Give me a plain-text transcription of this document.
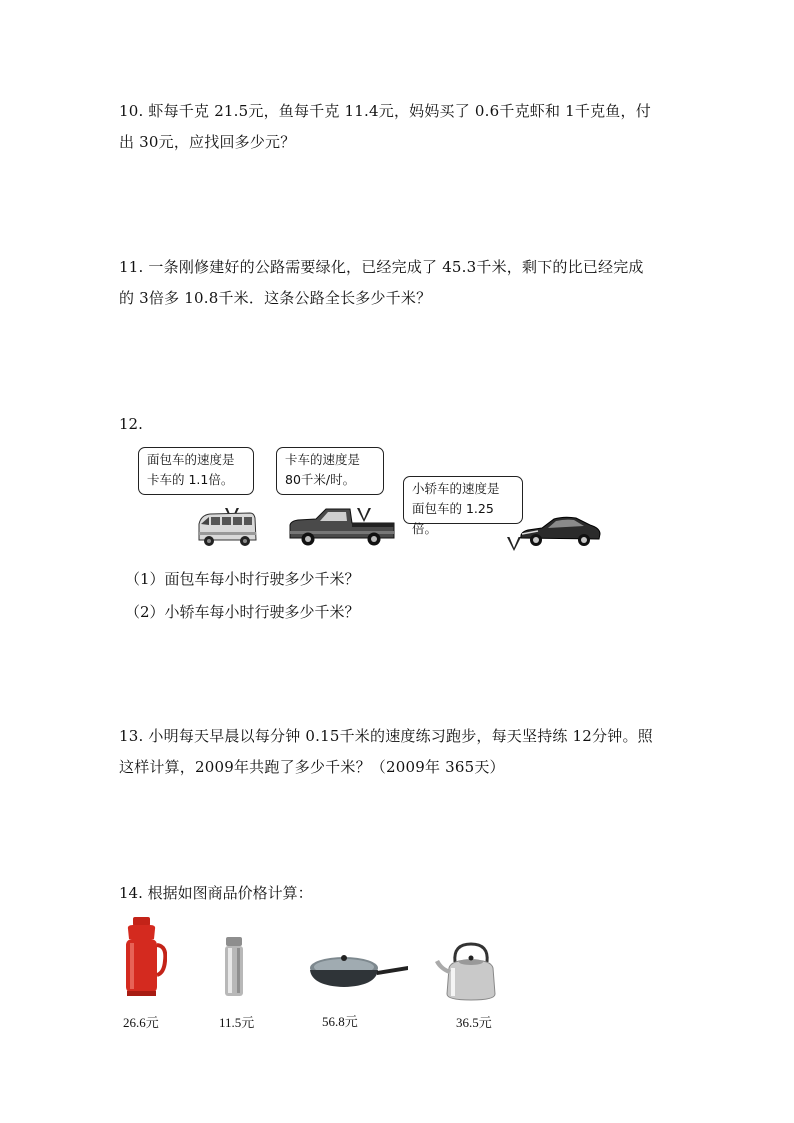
10. 虾每千克 21.5元，鱼每千克 11.4元，妈妈买了 0.6千克虾和 1千克鱼，付
出 30元，应找回多少元？
11. 一条刚修建好的公路需要绿化，已经完成了 45.3千米，剩下的比已经完成
的 3倍多 10.8千米．这条公路全长多少千米？
12.
面包车的速度是
卡车的 1.1倍。
卡车的速度是
80千米/时。
小轿车的速度是
面包车的 1.25倍。
（1）面包车每小时行驶多少千米？
（2）小轿车每小时行驶多少千米？
13. 小明每天早晨以每分钟 0.15千米的速度练习跑步，每天坚持练 12分钟。照
这样计算，2009年共跑了多少千米？（2009年 365天）
14. 根据如图商品价格计算：
26.6元	11.5元	56.8元	36.5元
